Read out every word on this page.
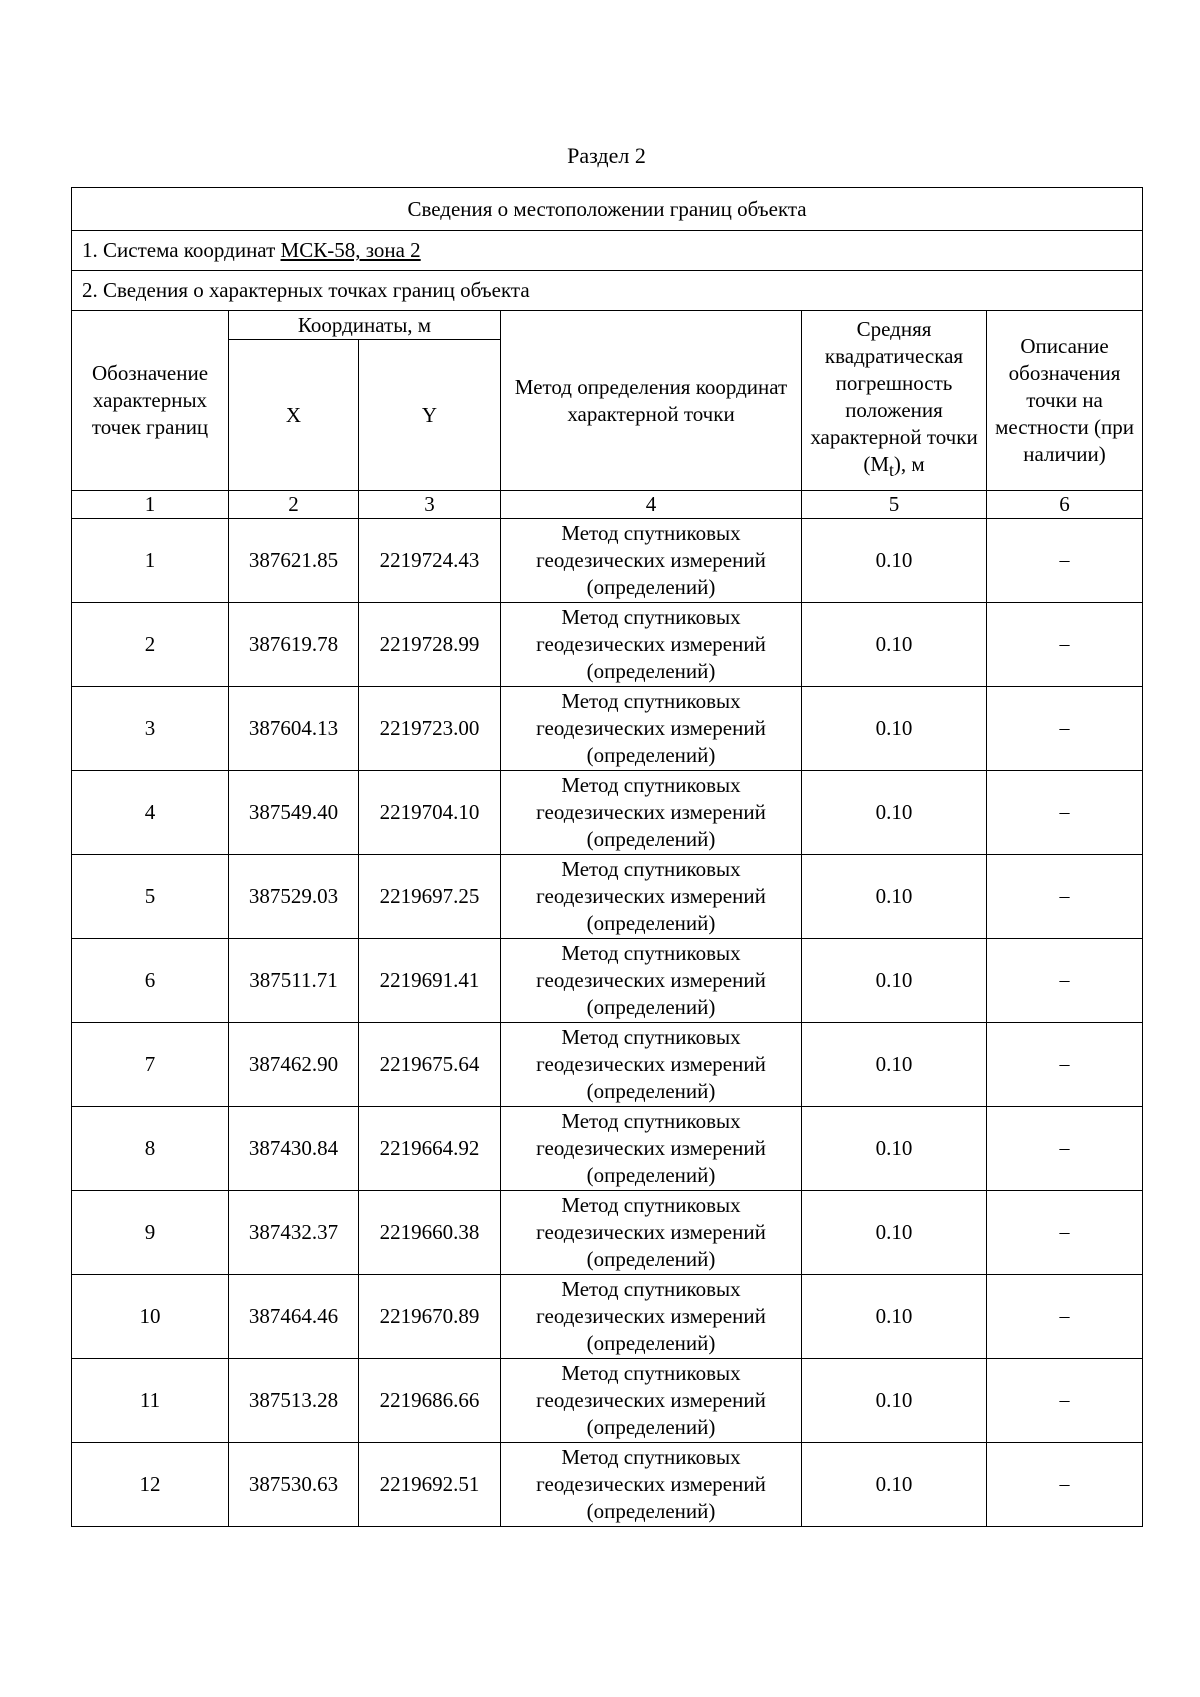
Раздел 2
Сведения о местоположении границ объекта					
1. Система координат МСК-58, зона 2					
2. Сведения о характерных точках границ объекта					
Обозначение характерных точек границ	Координаты, м		Метод определения координат характерной точки	Средняя квадратическая погрешность положения характерной точки $(M_t)$, м	Описание обозначения точки на местности (при наличии)
	X	Y			
1	2	3	4	5	6
1	387621.85	2219724.43	Метод спутниковых геодезических измерений (определений)	0.10	–
2	387619.78	2219728.99	Метод спутниковых геодезических измерений (определений)	0.10	–
3	387604.13	2219723.00	Метод спутниковых геодезических измерений (определений)	0.10	–
4	387549.40	2219704.10	Метод спутниковых геодезических измерений (определений)	0.10	–
5	387529.03	2219697.25	Метод спутниковых геодезических измерений (определений)	0.10	–
6	387511.71	2219691.41	Метод спутниковых геодезических измерений (определений)	0.10	–
7	387462.90	2219675.64	Метод спутниковых геодезических измерений (определений)	0.10	–
8	387430.84	2219664.92	Метод спутниковых геодезических измерений (определений)	0.10	–
9	387432.37	2219660.38	Метод спутниковых геодезических измерений (определений)	0.10	–
10	387464.46	2219670.89	Метод спутниковых геодезических измерений (определений)	0.10	–
11	387513.28	2219686.66	Метод спутниковых геодезических измерений (определений)	0.10	–
12	387530.63	2219692.51	Метод спутниковых геодезических измерений (определений)	0.10	–
